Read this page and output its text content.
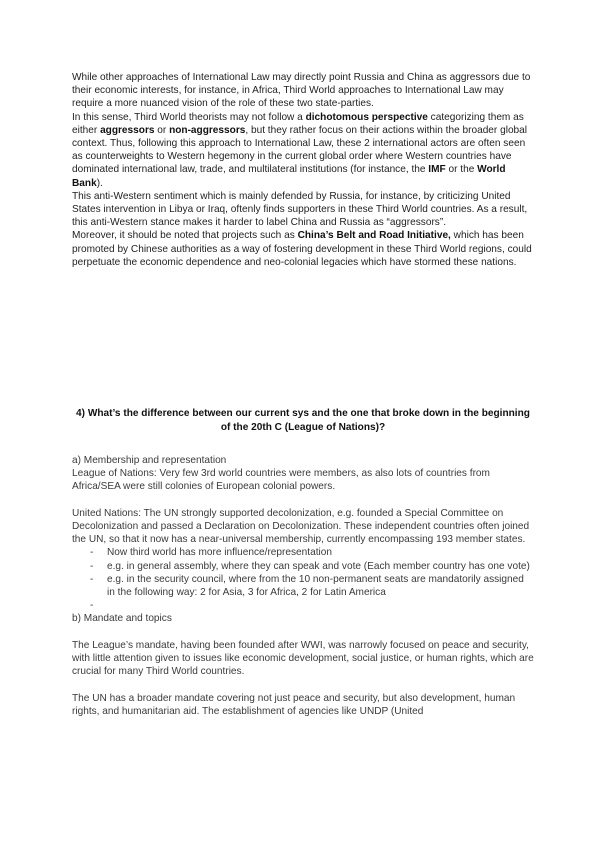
While other approaches of International Law may directly point Russia and China as aggressors due to their economic interests, for instance, in Africa, Third World approaches to International Law may require a more nuanced vision of the role of these two state-parties.

In this sense, Third World theorists may not follow a dichotomous perspective categorizing them as either aggressors or non-aggressors, but they rather focus on their actions within the broader global context. Thus, following this approach to International Law, these 2 international actors are often seen as counterweights to Western hegemony in the current global order where Western countries have dominated international law, trade, and multilateral institutions (for instance, the IMF or the World Bank).

This anti-Western sentiment which is mainly defended by Russia, for instance, by criticizing United States intervention in Libya or Iraq, oftenly finds supporters in these Third World countries. As a result, this anti-Western stance makes it harder to label China and Russia as “aggressors”.

Moreover, it should be noted that projects such as China’s Belt and Road Initiative, which has been promoted by Chinese authorities as a way of fostering development in these Third World regions, could perpetuate the economic dependence and neo-colonial legacies which have stormed these nations.

4) What’s the difference between our current sys and the one that broke down in the beginning of the 20th C (League of Nations)?

a) Membership and representation

League of Nations: Very few 3rd world countries were members, as also lots of countries from Africa/SEA were still colonies of European colonial powers.

United Nations: The UN strongly supported decolonization, e.g. founded a Special Committee on Decolonization and passed a Declaration on Decolonization. These independent countries often joined the UN, so that it now has a near-universal membership, currently encompassing 193 member states.

- Now third world has more influence/representation
- e.g. in general assembly, where they can speak and vote (Each member country has one vote)
- e.g. in the security council, where from the 10 non-permanent seats are mandatorily assigned in the following way: 2 for Asia, 3 for Africa, 2 for Latin America
-

b) Mandate and topics

The League’s mandate, having been founded after WWI, was narrowly focused on peace and security, with little attention given to issues like economic development, social justice, or human rights, which are crucial for many Third World countries.

The UN has a broader mandate covering not just peace and security, but also development, human rights, and humanitarian aid. The establishment of agencies like UNDP (United
